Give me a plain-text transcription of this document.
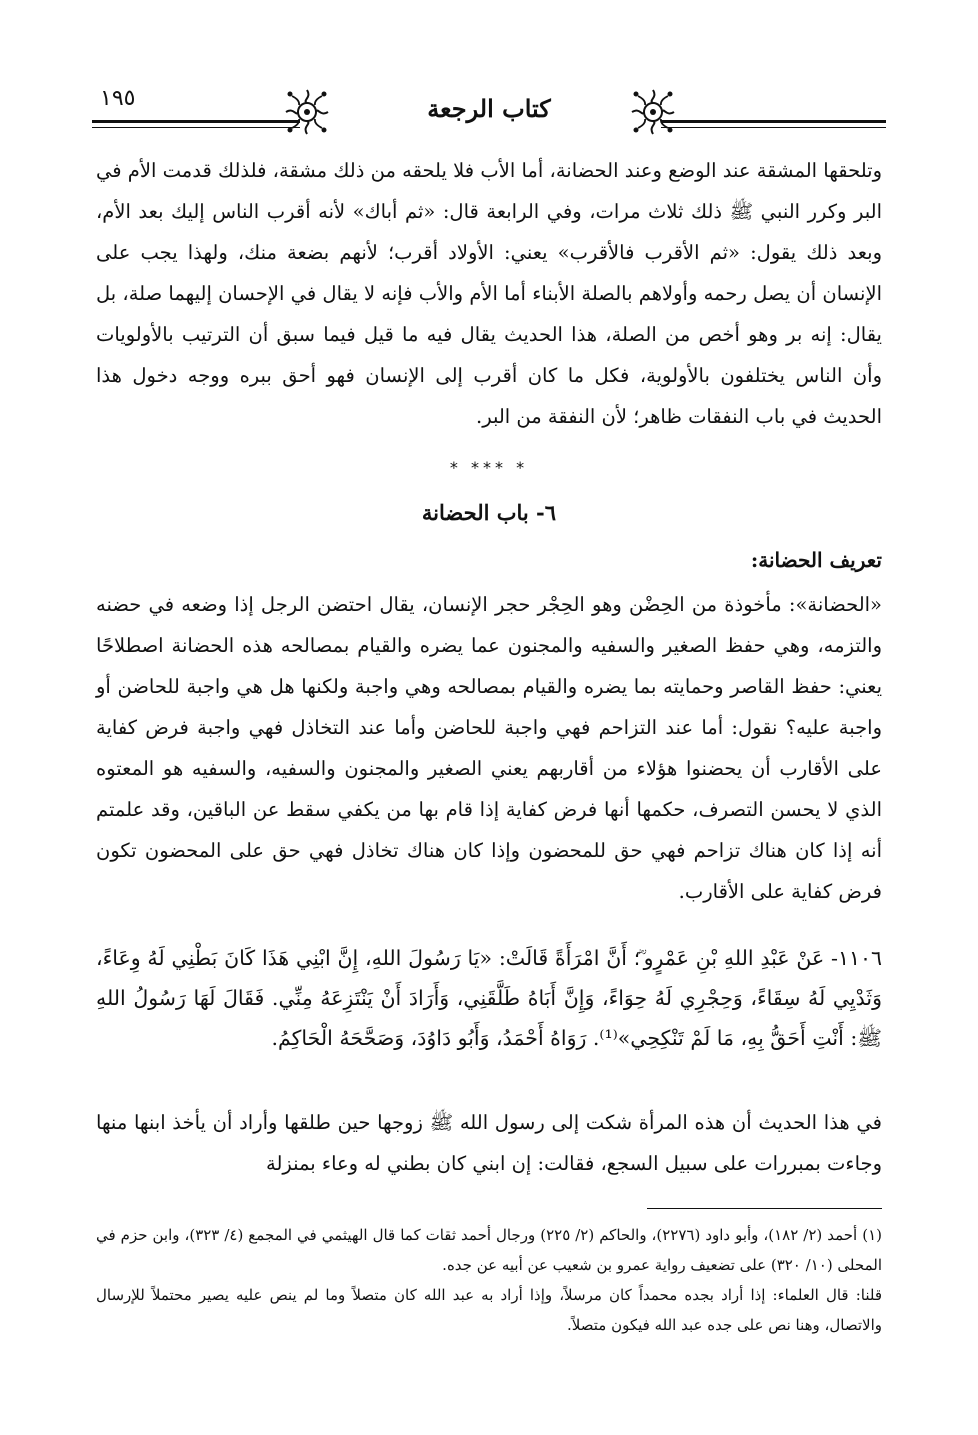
١٩٥	كتاب الرجعة

وتلحقها المشقة عند الوضع وعند الحضانة، أما الأب فلا يلحقه من ذلك مشقة، فلذلك قدمت الأم في البر وكرر النبي ﷺ ذلك ثلاث مرات، وفي الرابعة قال: «ثم أباك» لأنه أقرب الناس إليك بعد الأم، وبعد ذلك يقول: «ثم الأقرب فالأقرب» يعني: الأولاد أقرب؛ لأنهم بضعة منك، ولهذا يجب على الإنسان أن يصل رحمه وأولاهم بالصلة الأبناء أما الأم والأب فإنه لا يقال في الإحسان إليهما صلة، بل يقال: إنه بر وهو أخص من الصلة، هذا الحديث يقال فيه ما قيل فيما سبق أن الترتيب بالأولويات وأن الناس يختلفون بالأولوية، فكل ما كان أقرب إلى الإنسان فهو أحق ببره ووجه دخول هذا الحديث في باب النفقات ظاهر؛ لأن النفقة من البر.

* *** *
٦- باب الحضانة
تعريف الحضانة:

«الحضانة»: مأخوذة من الحِضْن وهو الحِجْر حجر الإنسان، يقال احتضن الرجل إذا وضعه في حضنه والتزمه، وهي حفظ الصغير والسفيه والمجنون عما يضره والقيام بمصالحه هذه الحضانة اصطلاحًا يعني: حفظ القاصر وحمايته بما يضره والقيام بمصالحه وهي واجبة ولكنها هل هي واجبة للحاضن أو واجبة عليه؟ نقول: أما عند التزاحم فهي واجبة للحاضن وأما عند التخاذل فهي واجبة فرض كفاية على الأقارب أن يحضنوا هؤلاء من أقاربهم يعني الصغير والمجنون والسفيه، والسفيه هو المعتوه الذي لا يحسن التصرف، حكمها أنها فرض كفاية إذا قام بها من يكفي سقط عن الباقين، وقد علمتم أنه إذا كان هناك تزاحم فهي حق للمحضون وإذا كان هناك تخاذل فهي حق على المحضون تكون فرض كفاية على الأقارب.

١١٠٦- عَنْ عَبْدِ اللهِ بْنِ عَمْرٍو ؓ؛ أَنَّ امْرَأَةً قَالَتْ: «يَا رَسُولَ اللهِ، إِنَّ ابْنِي هَذَا كَانَ بَطْنِي لَهُ وِعَاءً، وَثَدْيِي لَهُ سِقَاءً، وَحِجْرِي لَهُ حِوَاءً، وَإِنَّ أَبَاهُ طَلَّقَنِي، وَأَرَادَ أَنْ يَنْتَزِعَهُ مِنِّي. فَقَالَ لَهَا رَسُولُ اللهِ ﷺ: أَنْتِ أَحَقُّ بِهِ، مَا لَمْ تَنْكِحِي»⁽¹⁾. رَوَاهُ أَحْمَدُ، وَأَبُو دَاوُدَ، وَصَحَّحَهُ الْحَاكِمُ.

في هذا الحديث أن هذه المرأة شكت إلى رسول الله ﷺ زوجها حين طلقها وأراد أن يأخذ ابنها منها وجاءت بمبررات على سبيل السجع، فقالت: إن ابني كان بطني له وعاء بمنزلة

(١) أحمد (٢/ ١٨٢)، وأبو داود (٢٢٧٦)، والحاكم (٢/ ٢٢٥) ورجال أحمد ثقات كما قال الهيثمي في المجمع (٤/ ٣٢٣)، وابن حزم في المحلى (١٠/ ٣٢٠) على تضعيف رواية عمرو بن شعيب عن أبيه عن جده.

قلنا: قال العلماء: إذا أراد بجده محمداً كان مرسلاً، وإذا أراد به عبد الله كان متصلاً وما لم ينص عليه يصير محتملاً للإرسال والاتصال، وهنا نص على جده عبد الله فيكون متصلاً.
